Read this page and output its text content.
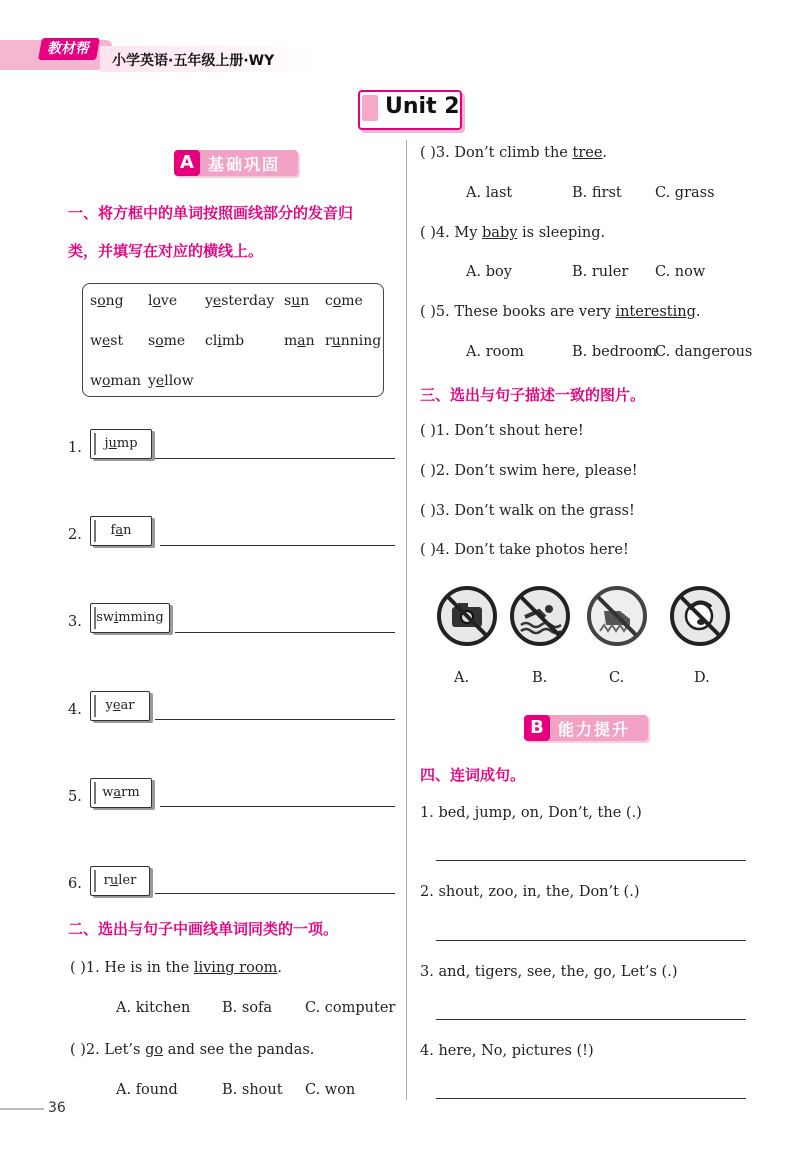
教材帮
小学英语·五年级上册·WY
Unit 2
A 基础巩固
一、将方框中的单词按照画线部分的发音归
类，并填写在对应的横线上。
song love yesterday sun come
west some climb	man running
woman yellow
1.	jump
2.	fan
3.	swimming
4.	year
5.	warm
6.	ruler
二、选出与句子中画线单词同类的一项。
( )1. He is in the living room.
A. kitchen B. sofa C. computer
( )2. Let’s go and see the pandas.
A. found	B. shout C. won
( )3. Don’t climb the tree.
A. last	B. first C. grass
( )4. My baby is sleeping.
A. boy	B. ruler C. now
( )5. These books are very interesting.
A. room	B. bedroom
C. dangerous
三、选出与句子描述一致的图片。
( )1. Don’t shout here!
( )2. Don’t swim here, please!
( )3. Don’t walk on the grass!
( )4. Don’t take photos here!
A.	B.	C.	D.
B 能力提升
四、连词成句。
1. bed, jump, on, Don’t, the (.)
2. shout, zoo, in, the, Don’t (.)
3. and, tigers, see, the, go, Let’s (.)
4. here, No, pictures (!)
36
